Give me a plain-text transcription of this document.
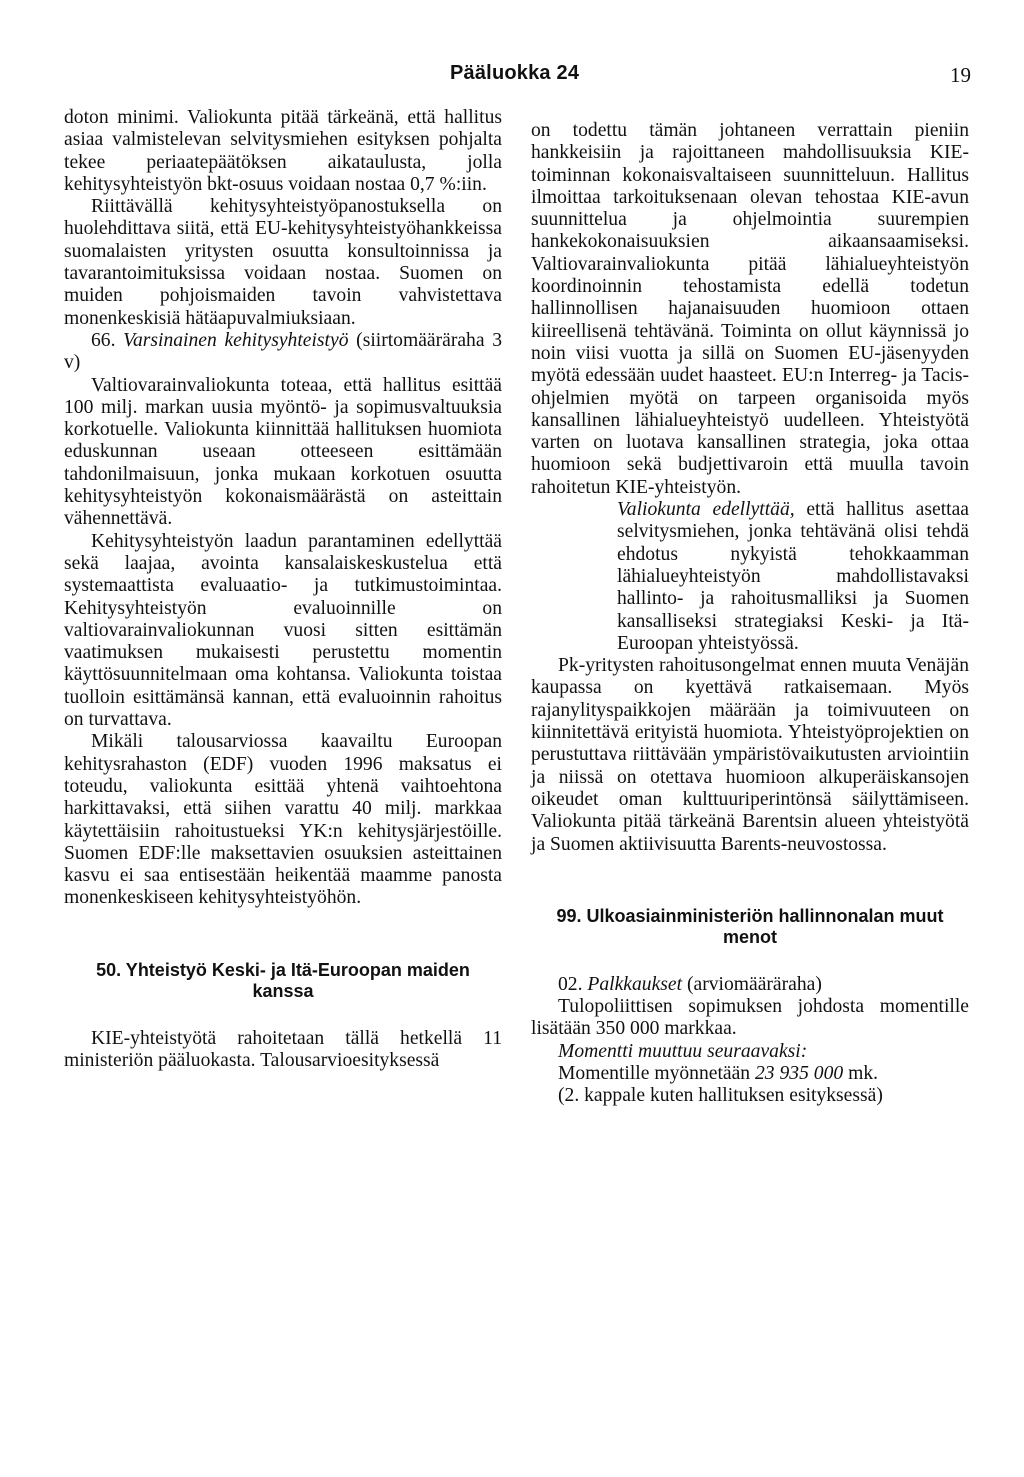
Pääluokka 24	19

doton minimi. Valiokunta pitää tärkeänä, että hallitus asiaa valmistelevan selvitysmiehen esityksen pohjalta tekee periaatepäätöksen aikataulusta, jolla kehitysyhteistyön bkt-osuus voidaan nostaa 0,7 %:iin.

Riittävällä kehitysyhteistyöpanostuksella on huolehdittava siitä, että EU-kehitysyhteistyöhankkeissa suomalaisten yritysten osuutta konsultoinnissa ja tavarantoimituksissa voidaan nostaa. Suomen on muiden pohjoismaiden tavoin vahvistettava monenkeskisiä hätäapuvalmiuksiaan.

66. Varsinainen kehitysyhteistyö (siirtomääräraha 3 v)

Valtiovarainvaliokunta toteaa, että hallitus esittää 100 milj. markan uusia myöntö- ja sopimusvaltuuksia korkotuelle. Valiokunta kiinnittää hallituksen huomiota eduskunnan useaan otteeseen esittämään tahdonilmaisuun, jonka mukaan korkotuen osuutta kehitysyhteistyön kokonaismäärästä on asteittain vähennettävä.

Kehitysyhteistyön laadun parantaminen edellyttää sekä laajaa, avointa kansalaiskeskustelua että systemaattista evaluaatio- ja tutkimustoimintaa. Kehitysyhteistyön evaluoinnille on valtiovarainvaliokunnan vuosi sitten esittämän vaatimuksen mukaisesti perustettu momentin käyttösuunnitelmaan oma kohtansa. Valiokunta toistaa tuolloin esittämänsä kannan, että evaluoinnin rahoitus on turvattava.

Mikäli talousarviossa kaavailtu Euroopan kehitysrahaston (EDF) vuoden 1996 maksatus ei toteudu, valiokunta esittää yhtenä vaihtoehtona harkittavaksi, että siihen varattu 40 milj. markkaa käytettäisiin rahoitustueksi YK:n kehitysjärjestöille. Suomen EDF:lle maksettavien osuuksien asteittainen kasvu ei saa entisestään heikentää maamme panosta monenkeskiseen kehitysyhteistyöhön.

50. Yhteistyö Keski- ja Itä-Euroopan maiden kanssa

KIE-yhteistyötä rahoitetaan tällä hetkellä 11 ministeriön pääluokasta. Talousarvioesityksessä

on todettu tämän johtaneen verrattain pieniin hankkeisiin ja rajoittaneen mahdollisuuksia KIE-toiminnan kokonaisvaltaiseen suunnitteluun. Hallitus ilmoittaa tarkoituksenaan olevan tehostaa KIE-avun suunnittelua ja ohjelmointia suurempien hankekokonaisuuksien aikaansaamiseksi. Valtiovarainvaliokunta pitää lähialueyhteistyön koordinoinnin tehostamista edellä todetun hallinnollisen hajanaisuuden huomioon ottaen kiireellisenä tehtävänä. Toiminta on ollut käynnissä jo noin viisi vuotta ja sillä on Suomen EU-jäsenyyden myötä edessään uudet haasteet. EU:n Interreg- ja Tacis-ohjelmien myötä on tarpeen organisoida myös kansallinen lähialueyhteistyö uudelleen. Yhteistyötä varten on luotava kansallinen strategia, joka ottaa huomioon sekä budjettivaroin että muulla tavoin rahoitetun KIE-yhteistyön.

Valiokunta edellyttää, että hallitus asettaa selvitysmiehen, jonka tehtävänä olisi tehdä ehdotus nykyistä tehokkaamman lähialueyhteistyön mahdollistavaksi hallinto- ja rahoitusmalliksi ja Suomen kansalliseksi strategiaksi Keski- ja Itä-Euroopan yhteistyössä.

Pk-yritysten rahoitusongelmat ennen muuta Venäjän kaupassa on kyettävä ratkaisemaan. Myös rajanylityspaikkojen määrään ja toimivuuteen on kiinnitettävä erityistä huomiota. Yhteistyöprojektien on perustuttava riittävään ympäristövaikutusten arviointiin ja niissä on otettava huomioon alkuperäiskansojen oikeudet oman kulttuuriperintönsä säilyttämiseen. Valiokunta pitää tärkeänä Barentsin alueen yhteistyötä ja Suomen aktiivisuutta Barents-neuvostossa.

99. Ulkoasiainministeriön hallinnonalan muut menot

02. Palkkaukset (arviomääräraha)

Tulopoliittisen sopimuksen johdosta momentille lisätään 350 000 markkaa.

Momentti muuttuu seuraavaksi:

Momentille myönnetään 23 935 000 mk.

(2. kappale kuten hallituksen esityksessä)
